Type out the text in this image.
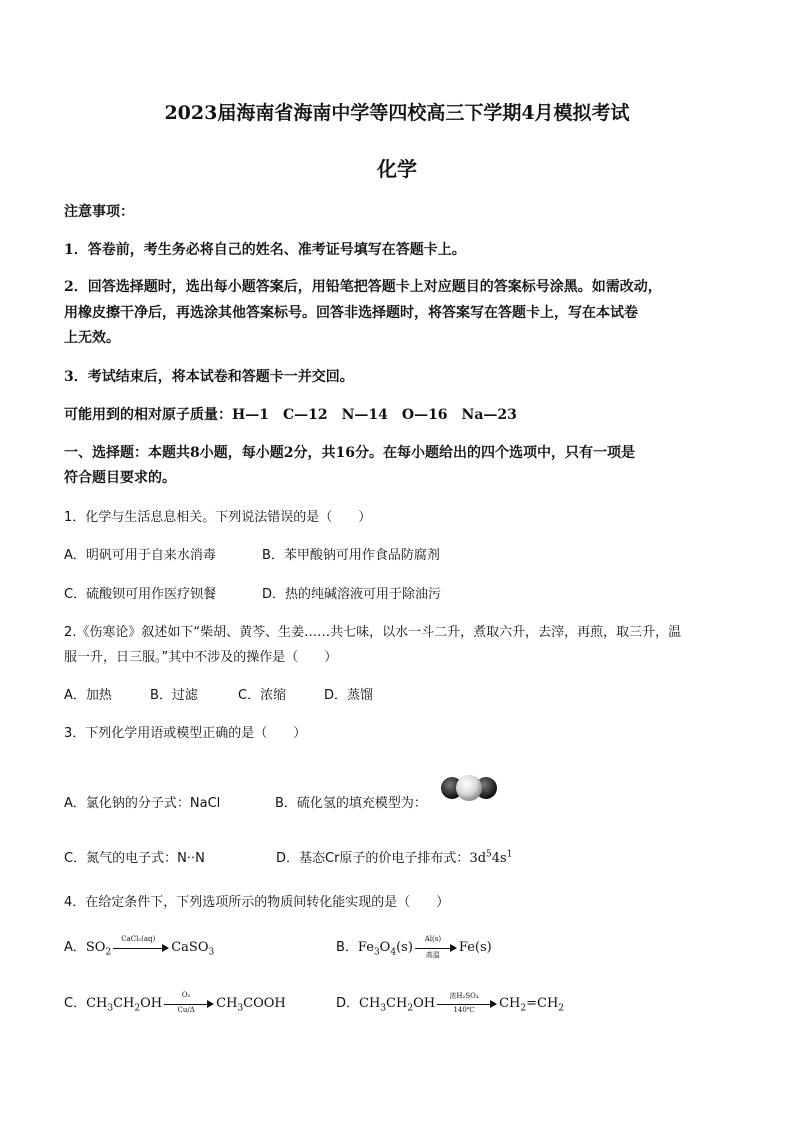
2023届海南省海南中学等四校高三下学期4月模拟考试
化学
注意事项：
1．答卷前，考生务必将自己的姓名、准考证号填写在答题卡上。
2．回答选择题时，选出每小题答案后，用铅笔把答题卡上对应题目的答案标号涂黑。如需改动，
用橡皮擦干净后，再选涂其他答案标号。回答非选择题时，将答案写在答题卡上，写在本试卷
上无效。
3．考试结束后，将本试卷和答题卡一并交回。
可能用到的相对原子质量：H—1　C—12　N—14　O—16　Na—23
一、选择题：本题共8小题，每小题2分，共16分。在每小题给出的四个选项中，只有一项是
符合题目要求的。
1．化学与生活息息相关。下列说法错误的是（　　）
A．明矾可用于自来水消毒	B．苯甲酸钠可用作食品防腐剂
C．硫酸钡可用作医疗钡餐	D．热的纯碱溶液可用于除油污
2.《伤寒论》叙述如下“柴胡、黄芩、生姜……共七味，以水一斗二升，煮取六升，去滓，再煎，取三升，温
服一升，日三服。”其中不涉及的操作是（　　）
A．加热	B．过滤	C．浓缩	D．蒸馏
3．下列化学用语或模型正确的是（　　）
A．氯化钠的分子式：NaCl	B．硫化氢的填充模型为：
C．氮气的电子式：N⋅⋅N	D．基态Cr原子的价电子排布式：$3d^54s^1$
4．在给定条件下，下列选项所示的物质间转化能实现的是（　　）
A．$SO_2$
CaCl₂(aq)
CaSO$_3$	B．$Fe_3O_4(s)$
Al(s)
高温	Fe(s)
C．$CH_3CH_2OH \frac{\text{O₂}}{Cu/\Delta}$ $CH_3COOH$	D．$CH_3CH_2OH$
浓H₂SO₄
140℃	$CH_2=CH_2$
